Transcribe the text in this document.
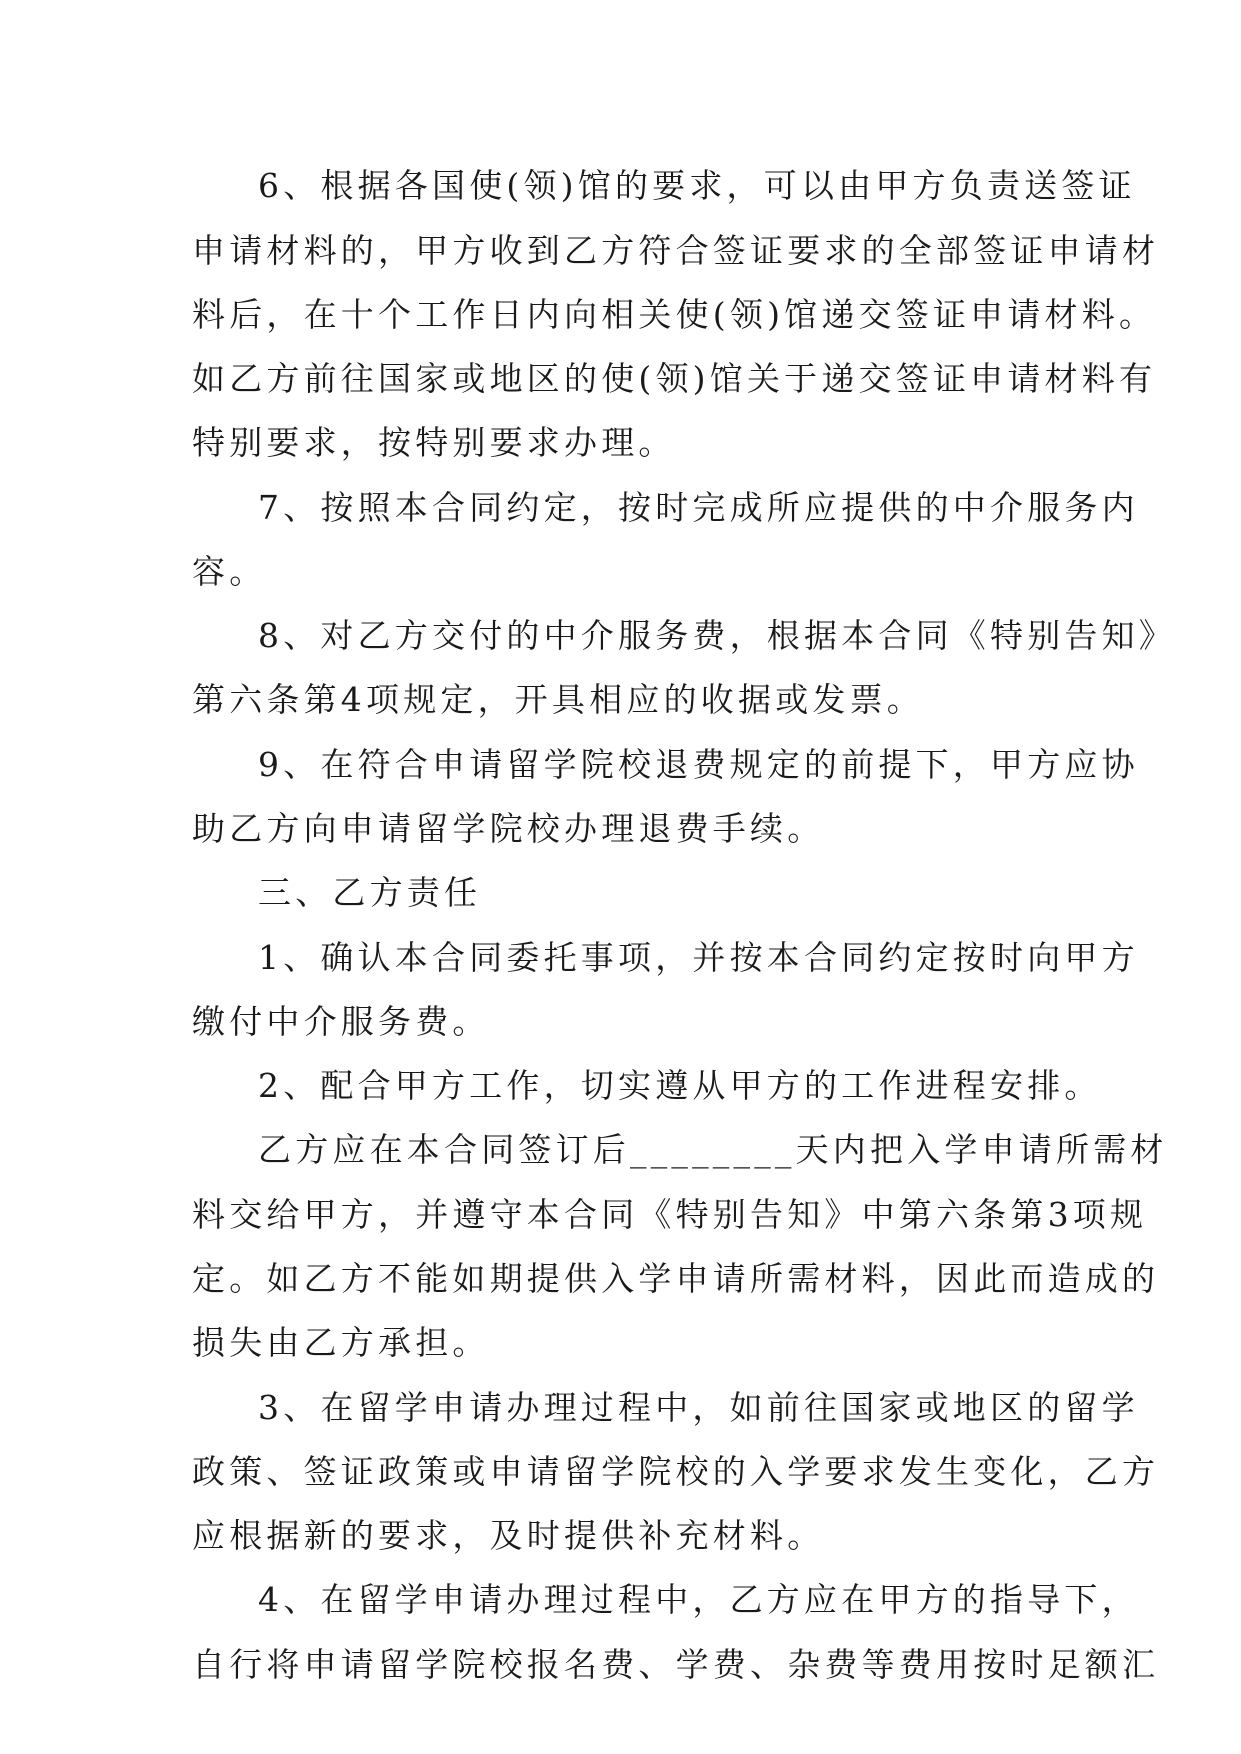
6、根据各国使(领)馆的要求，可以由甲方负责送签证
申请材料的，甲方收到乙方符合签证要求的全部签证申请材
料后，在十个工作日内向相关使(领)馆递交签证申请材料。
如乙方前往国家或地区的使(领)馆关于递交签证申请材料有
特别要求，按特别要求办理。
7、按照本合同约定，按时完成所应提供的中介服务内
容。
8、对乙方交付的中介服务费，根据本合同《特别告知》
第六条第4项规定，开具相应的收据或发票。
9、在符合申请留学院校退费规定的前提下，甲方应协
助乙方向申请留学院校办理退费手续。
三、乙方责任
1、确认本合同委托事项，并按本合同约定按时向甲方
缴付中介服务费。
2、配合甲方工作，切实遵从甲方的工作进程安排。
乙方应在本合同签订后________天内把入学申请所需材
料交给甲方，并遵守本合同《特别告知》中第六条第3项规
定。如乙方不能如期提供入学申请所需材料，因此而造成的
损失由乙方承担。
3、在留学申请办理过程中，如前往国家或地区的留学
政策、签证政策或申请留学院校的入学要求发生变化，乙方
应根据新的要求，及时提供补充材料。
4、在留学申请办理过程中，乙方应在甲方的指导下，
自行将申请留学院校报名费、学费、杂费等费用按时足额汇
